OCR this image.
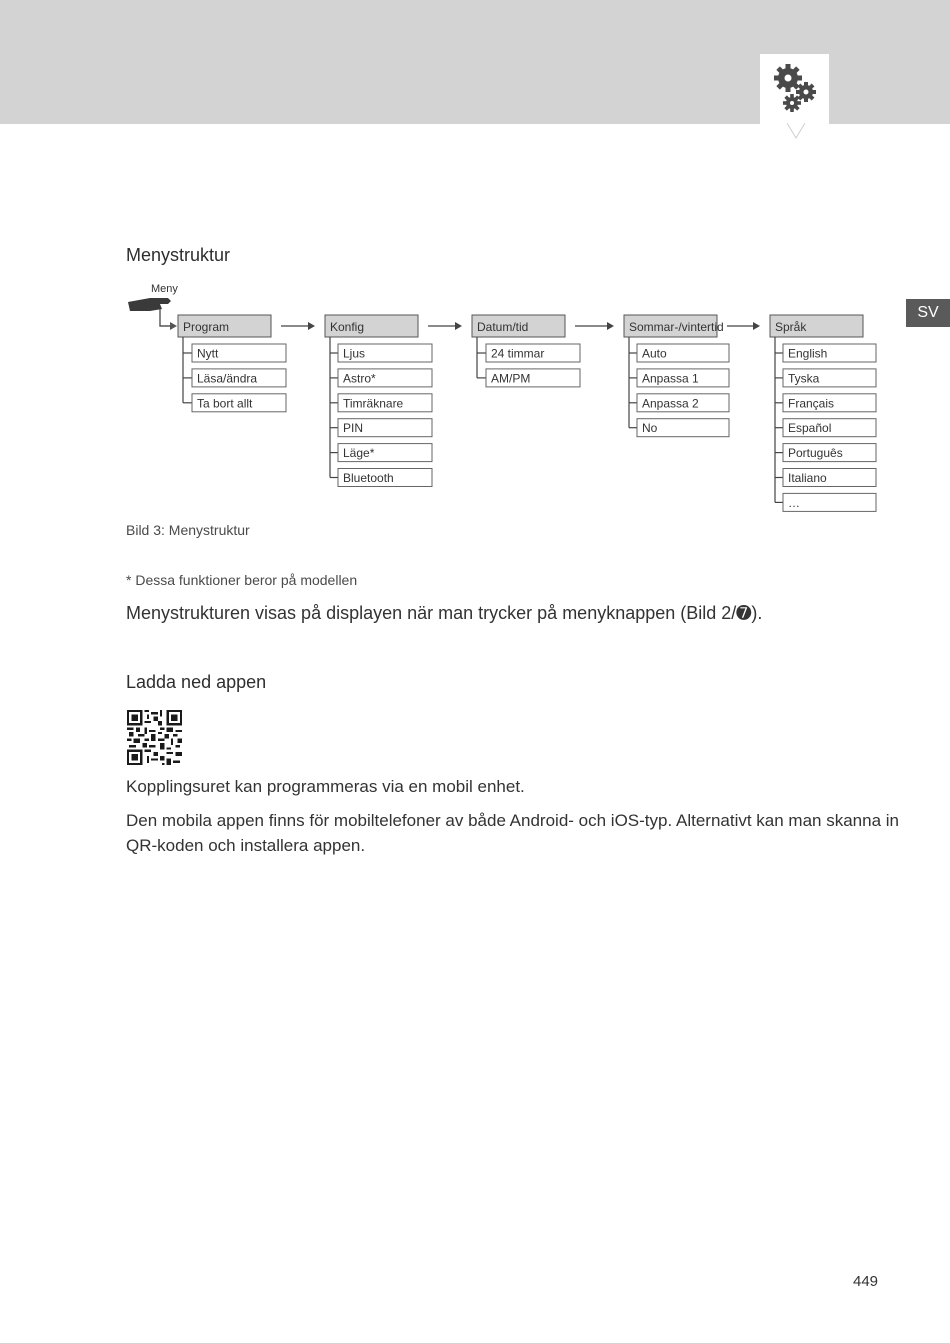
SV
Menystruktur
Meny
Program
Nytt
Läsa/ändra
Ta bort allt
Konfig
Ljus
Astro*
Timräknare
PIN
Läge*
Bluetooth
Datum/tid
24 timmar
AM/PM
Sommar-/vintertid
Auto
Anpassa 1
Anpassa 2
No
Språk
English
Tyska
Français
Español
Português
Italiano
…
Bild 3: Menystruktur
* Dessa funktioner beror på modellen
Menystrukturen visas på displayen när man trycker på menyknappen (Bild 2/➐).
Ladda ned appen
Kopplingsuret kan programmeras via en mobil enhet.
Den mobila appen finns för mobiltelefoner av både Android- och iOS-typ. Alternativt kan man skanna in
QR-koden och installera appen.
449
